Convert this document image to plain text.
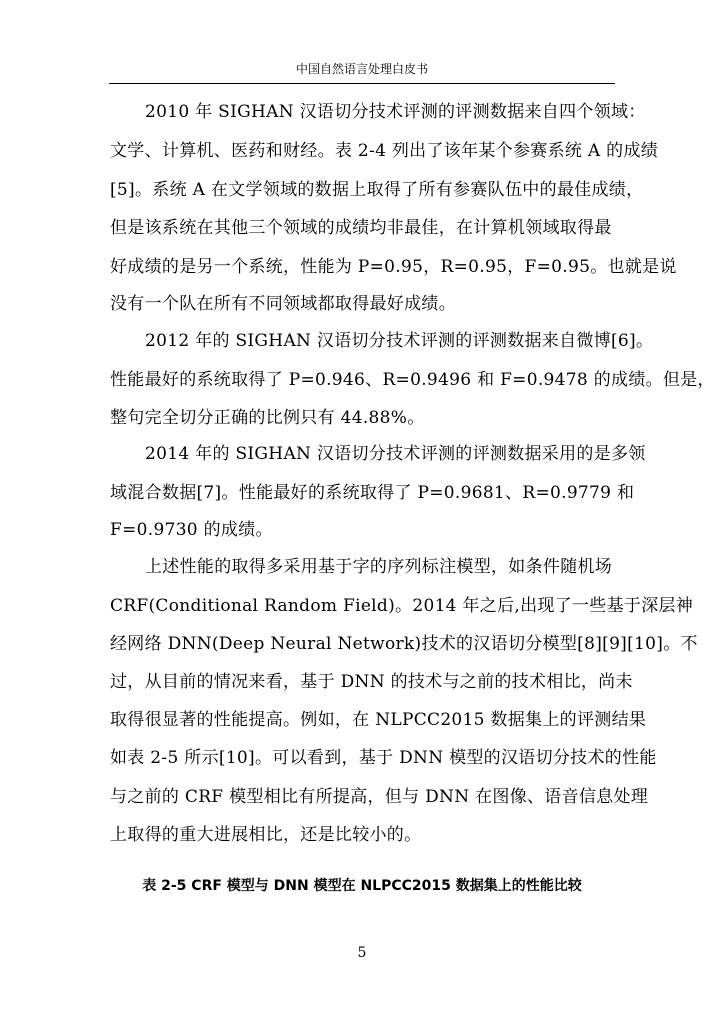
中国自然语言处理白皮书
2010 年 SIGHAN 汉语切分技术评测的评测数据来自四个领域：
文学、计算机、医药和财经。表 2-4 列出了该年某个参赛系统 A 的成绩
[5]。系统 A 在文学领域的数据上取得了所有参赛队伍中的最佳成绩，
但是该系统在其他三个领域的成绩均非最佳，在计算机领域取得最
好成绩的是另一个系统，性能为 P=0.95，R=0.95，F=0.95。也就是说
没有一个队在所有不同领域都取得最好成绩。
2012 年的 SIGHAN 汉语切分技术评测的评测数据来自微博[6]。
性能最好的系统取得了 P=0.946、R=0.9496 和 F=0.9478 的成绩。但是，
整句完全切分正确的比例只有 44.88%。
2014 年的 SIGHAN 汉语切分技术评测的评测数据采用的是多领
域混合数据[7]。性能最好的系统取得了 P=0.9681、R=0.9779 和
F=0.9730 的成绩。
上述性能的取得多采用基于字的序列标注模型，如条件随机场
CRF(Conditional Random Field)。2014 年之后,出现了一些基于深层神
经网络 DNN(Deep Neural Network)技术的汉语切分模型[8][9][10]。不
过，从目前的情况来看，基于 DNN 的技术与之前的技术相比，尚未
取得很显著的性能提高。例如，在 NLPCC2015 数据集上的评测结果
如表 2-5 所示[10]。可以看到，基于 DNN 模型的汉语切分技术的性能
与之前的 CRF 模型相比有所提高，但与 DNN 在图像、语音信息处理
上取得的重大进展相比，还是比较小的。
表 2-5 CRF 模型与 DNN 模型在 NLPCC2015 数据集上的性能比较
5
